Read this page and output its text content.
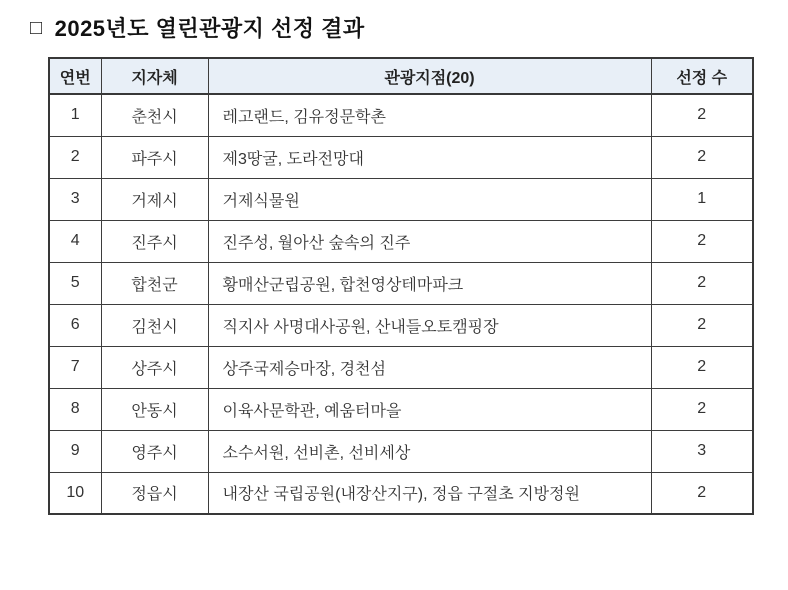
□ 2025년도 열린관광지 선정 결과
연번	지자체	관광지점(20)	선정 수
1	춘천시	레고랜드, 김유정문학촌	2
2	파주시	제3땅굴, 도라전망대	2
3	거제시	거제식물원	1
4	진주시	진주성, 월아산 숲속의 진주	2
5	합천군	황매산군립공원, 합천영상테마파크	2
6	김천시	직지사 사명대사공원, 산내들오토캠핑장	2
7	상주시	상주국제승마장, 경천섬	2
8	안동시	이육사문학관, 예움터마을	2
9	영주시	소수서원, 선비촌, 선비세상	3
10	정읍시	내장산 국립공원(내장산지구), 정읍 구절초 지방정원	2
